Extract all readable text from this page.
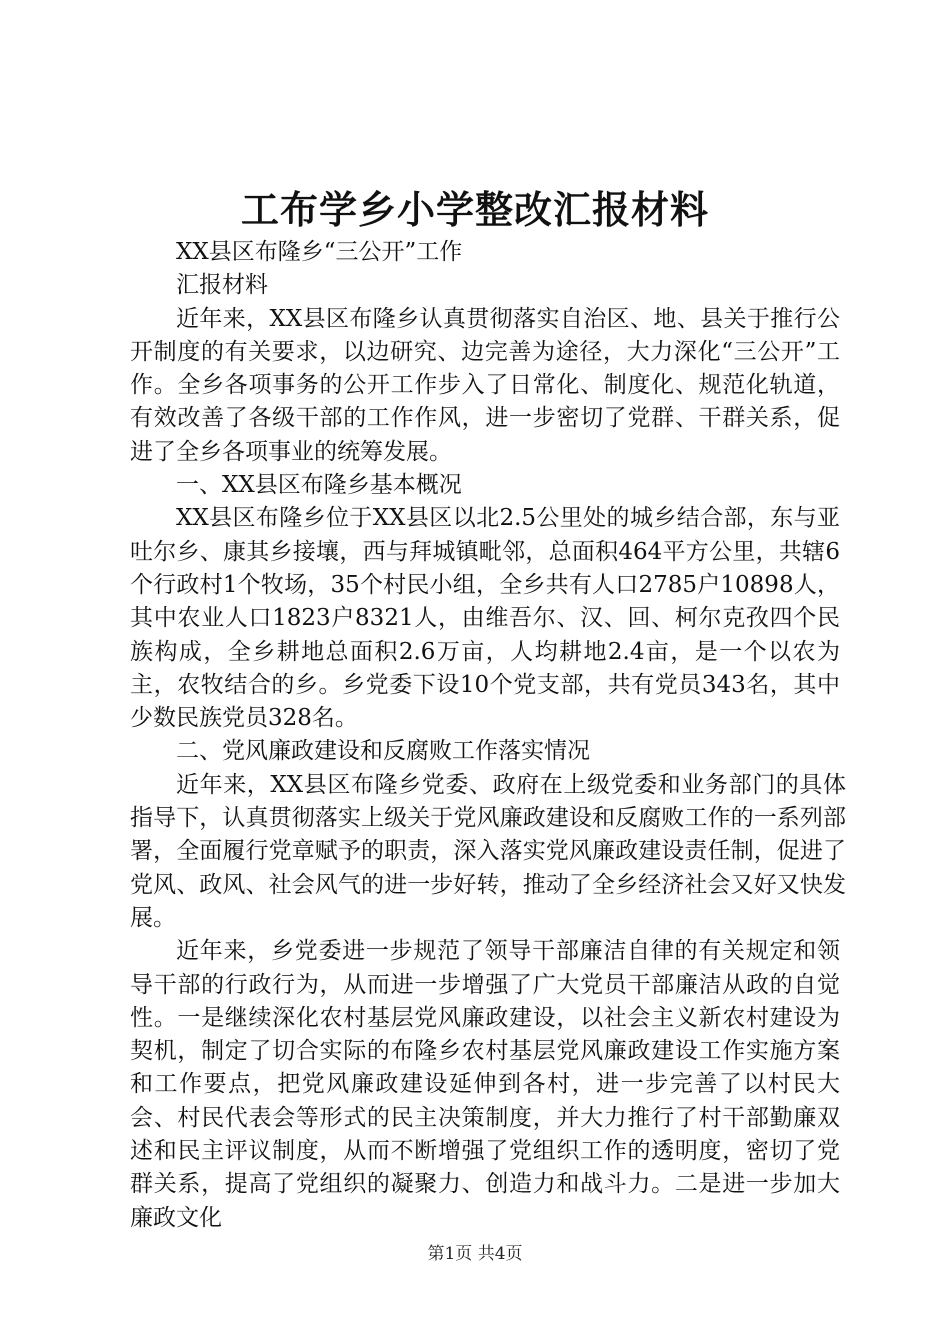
工布学乡小学整改汇报材料

XX县区布隆乡“三公开”工作

汇报材料

近年来，XX县区布隆乡认真贯彻落实自治区、地、县关于推行公开制度的有关要求，以边研究、边完善为途径，大力深化“三公开”工作。全乡各项事务的公开工作步入了日常化、制度化、规范化轨道，有效改善了各级干部的工作作风，进一步密切了党群、干群关系，促进了全乡各项事业的统筹发展。

一、XX县区布隆乡基本概况

XX县区布隆乡位于XX县区以北2.5公里处的城乡结合部，东与亚吐尔乡、康其乡接壤，西与拜城镇毗邻，总面积464平方公里，共辖6个行政村1个牧场，35个村民小组，全乡共有人口2785户10898人，其中农业人口1823户8321人，由维吾尔、汉、回、柯尔克孜四个民族构成，全乡耕地总面积2.6万亩，人均耕地2.4亩，是一个以农为主，农牧结合的乡。乡党委下设10个党支部，共有党员343名，其中少数民族党员328名。

二、党风廉政建设和反腐败工作落实情况

近年来，XX县区布隆乡党委、政府在上级党委和业务部门的具体指导下，认真贯彻落实上级关于党风廉政建设和反腐败工作的一系列部署，全面履行党章赋予的职责，深入落实党风廉政建设责任制，促进了党风、政风、社会风气的进一步好转，推动了全乡经济社会又好又快发展。

近年来，乡党委进一步规范了领导干部廉洁自律的有关规定和领导干部的行政行为，从而进一步增强了广大党员干部廉洁从政的自觉性。一是继续深化农村基层党风廉政建设，以社会主义新农村建设为契机，制定了切合实际的布隆乡农村基层党风廉政建设工作实施方案和工作要点，把党风廉政建设延伸到各村，进一步完善了以村民大会、村民代表会等形式的民主决策制度，并大力推行了村干部勤廉双述和民主评议制度，从而不断增强了党组织工作的透明度，密切了党群关系，提高了党组织的凝聚力、创造力和战斗力。二是进一步加大廉政文化

第1页 共4页
